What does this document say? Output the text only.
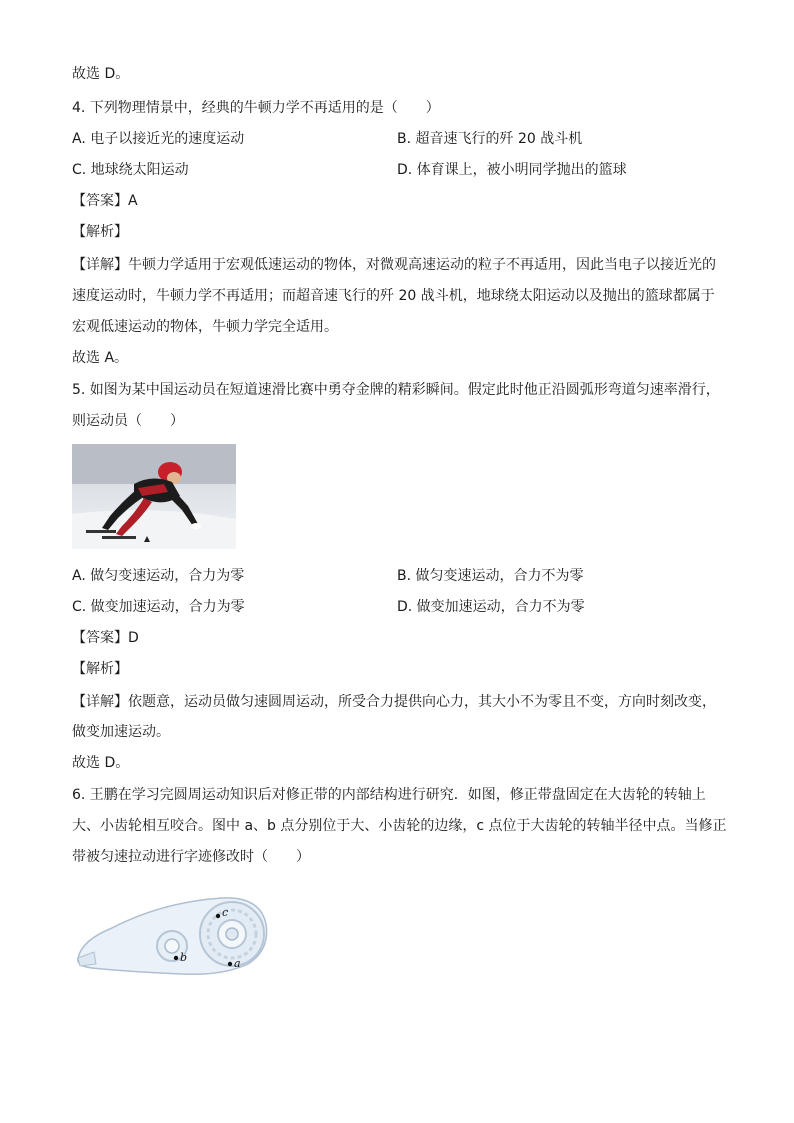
故选 D。
4. 下列物理情景中，经典的牛顿力学不再适用的是（　　）
A. 电子以接近光的速度运动	B. 超音速飞行的歼 20 战斗机
C. 地球绕太阳运动	D. 体育课上，被小明同学抛出的篮球
【答案】A
【解析】
【详解】牛顿力学适用于宏观低速运动的物体，对微观高速运动的粒子不再适用，因此当电子以接近光的
速度运动时，牛顿力学不再适用；而超音速飞行的歼 20 战斗机，地球绕太阳运动以及抛出的篮球都属于
宏观低速运动的物体，牛顿力学完全适用。
故选 A。
5. 如图为某中国运动员在短道速滑比赛中勇夺金牌的精彩瞬间。假定此时他正沿圆弧形弯道匀速率滑行，
则运动员（　　）
A. 做匀变速运动，合力为零	B. 做匀变速运动，合力不为零
C. 做变加速运动，合力为零	D. 做变加速运动，合力不为零
【答案】D
【解析】
【详解】依题意，运动员做匀速圆周运动，所受合力提供向心力，其大小不为零且不变，方向时刻改变，
做变加速运动。
故选 D。
6. 王鹏在学习完圆周运动知识后对修正带的内部结构进行研究．如图，修正带盘固定在大齿轮的转轴上
大、小齿轮相互咬合。图中 a、b 点分别位于大、小齿轮的边缘，c 点位于大齿轮的转轴半径中点。当修正
带被匀速拉动进行字迹修改时（　　）
c
b	a
